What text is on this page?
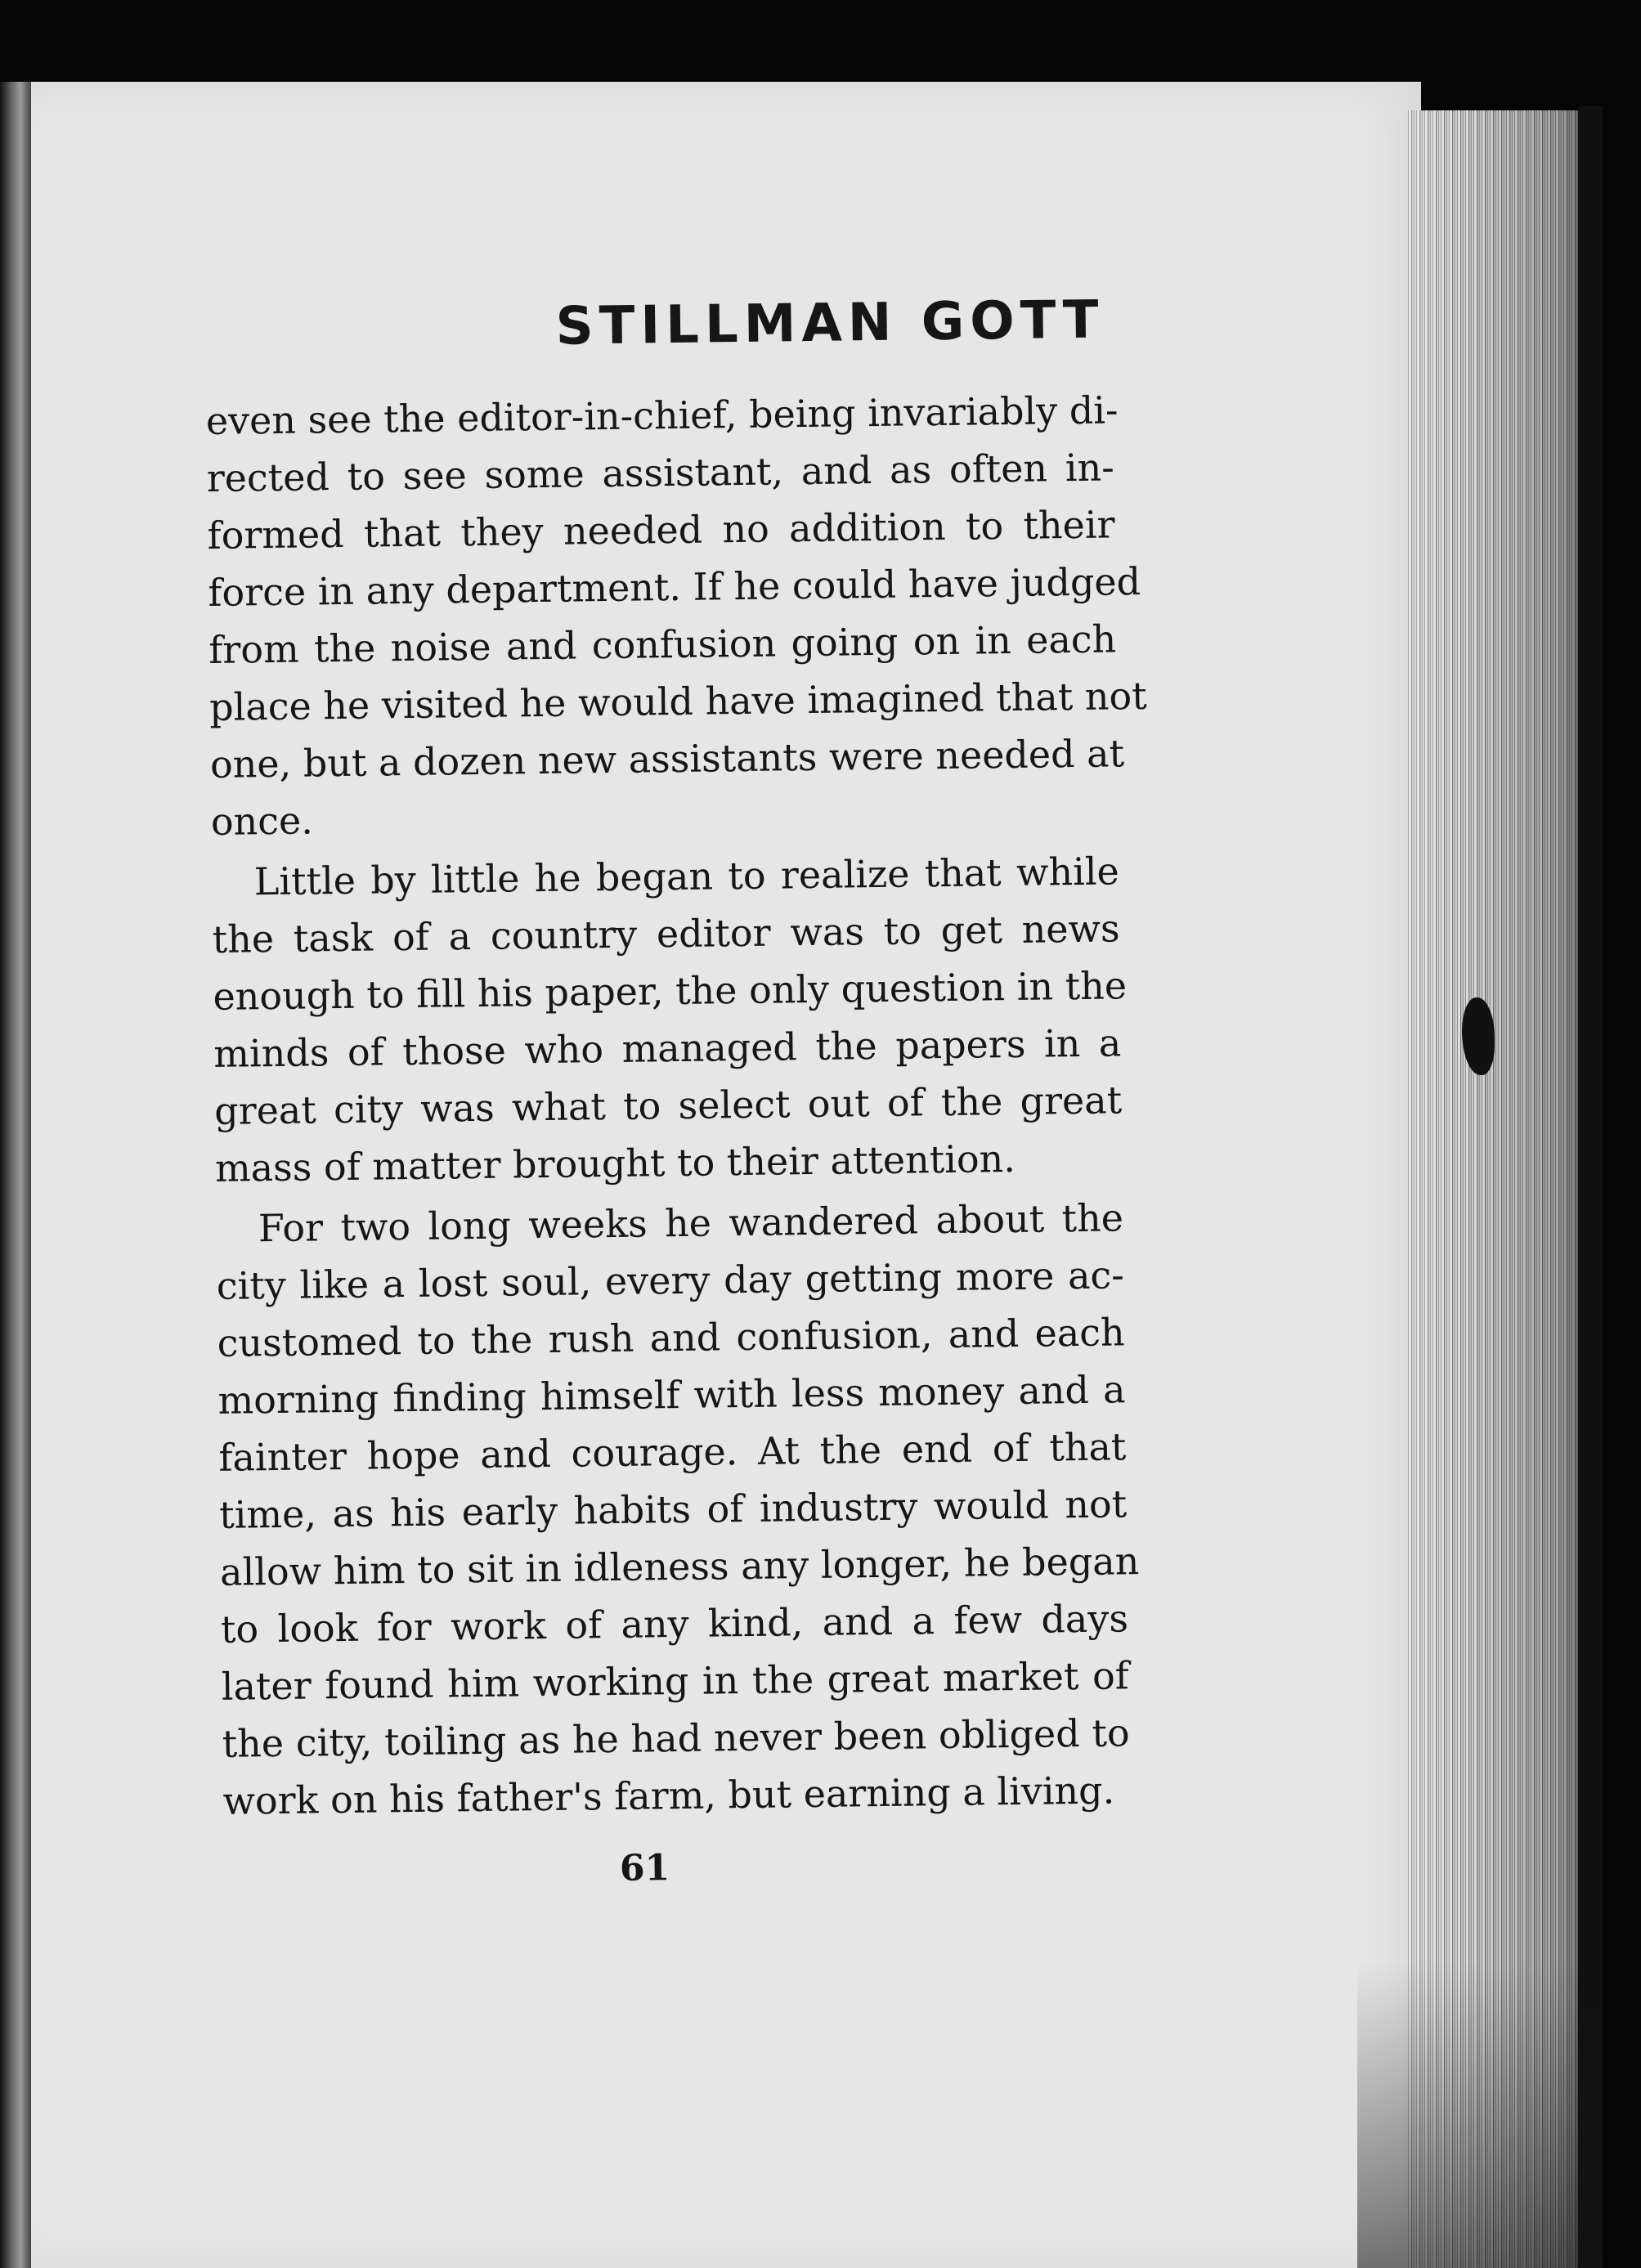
STILLMAN GOTT
even see the editor-in-chief, being invariably di-
rected to see some assistant, and as often in-
formed that they needed no addition to their
force in any department. If he could have judged
from the noise and confusion going on in each
place he visited he would have imagined that not
one, but a dozen new assistants were needed at
once.
Little by little he began to realize that while
the task of a country editor was to get news
enough to fill his paper, the only question in the
minds of those who managed the papers in a
great city was what to select out of the great
mass of matter brought to their attention.
For two long weeks he wandered about the
city like a lost soul, every day getting more ac-
customed to the rush and confusion, and each
morning finding himself with less money and a
fainter hope and courage. At the end of that
time, as his early habits of industry would not
allow him to sit in idleness any longer, he began
to look for work of any kind, and a few days
later found him working in the great market of
the city, toiling as he had never been obliged to
work on his father's farm, but earning a living.
61
